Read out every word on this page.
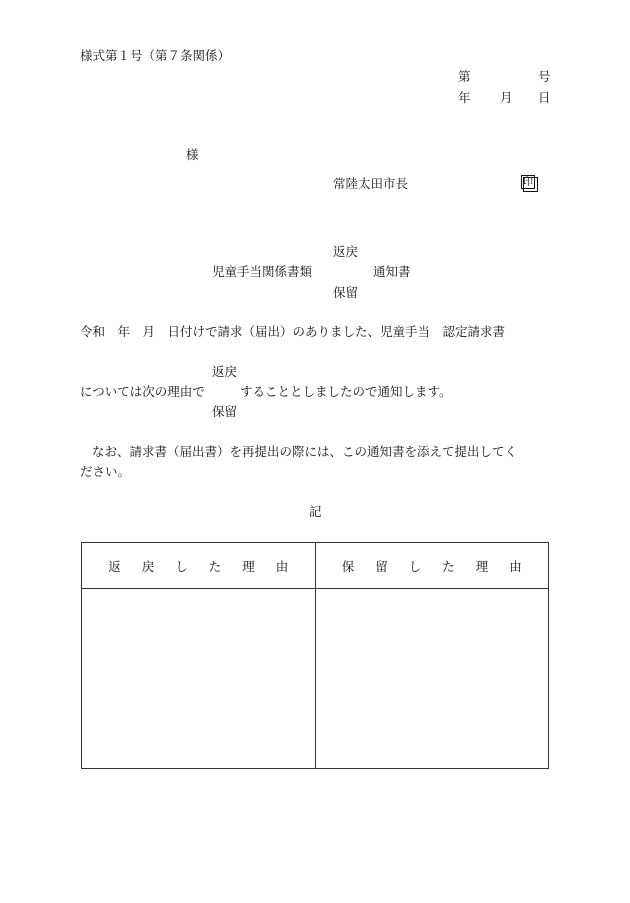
様式第１号（第７条関係）
第	号
年 月 日
様
常陸太田市長	印
返戻
児童手当関係書類	通知書
保留
令和　年　月　日付けで請求（届出）のありました、児童手当　認定請求書
返戻
については次の理由で	することとしましたので通知します。
保留
なお、請求書（届出書）を再提出の際には、この通知書を添えて提出してく
ださい。
記
返戻した理由	保留した理由
